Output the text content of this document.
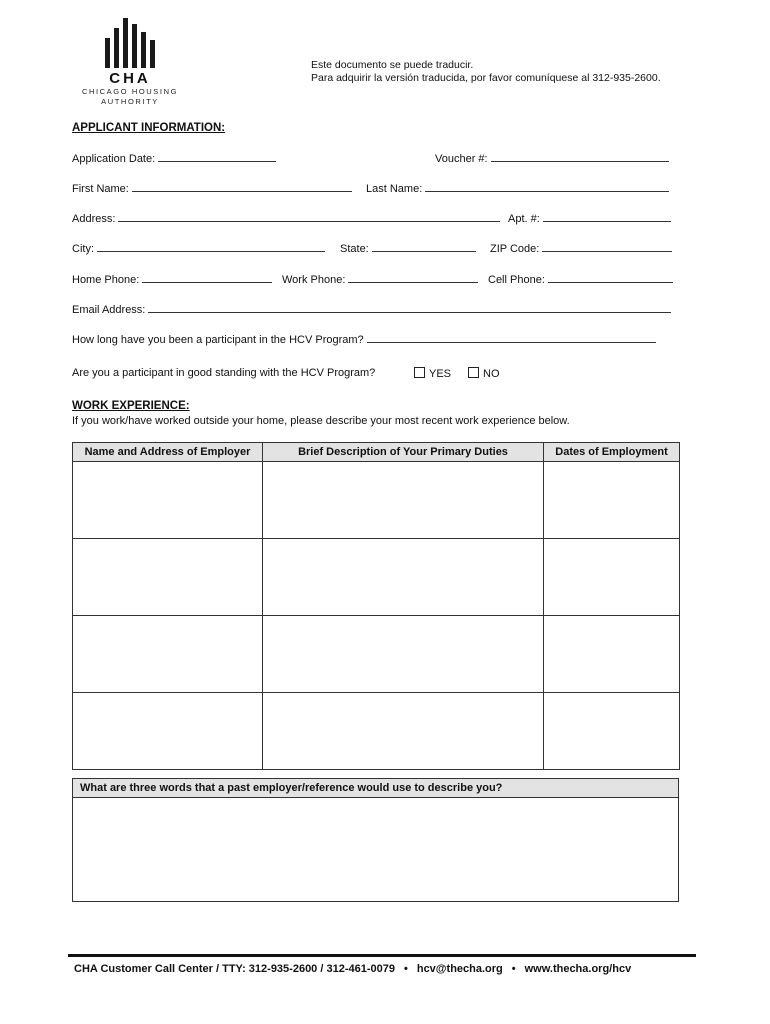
CHA
CHICAGO HOUSING
AUTHORITY
Este documento se puede traducir.
Para adquirir la versión traducida, por favor comuníquese al 312-935-2600.
APPLICANT INFORMATION:
Application Date:	Voucher #:
First Name:	Last Name:
Address:	Apt. #:
City:	State:	ZIP Code:
Home Phone:	Work Phone:	Cell Phone:
Email Address:
How long have you been a participant in the HCV Program?
Are you a participant in good standing with the HCV Program?	YES	NO
WORK EXPERIENCE:
If you work/have worked outside your home, please describe your most recent work experience below.
Name and Address of Employer	Brief Description of Your Primary Duties	Dates of Employment

What are three words that a past employer/reference would use to describe you?
CHA Customer Call Center / TTY: 312-935-2600 / 312-461-0079 • hcv@thecha.org • www.thecha.org/hcv
